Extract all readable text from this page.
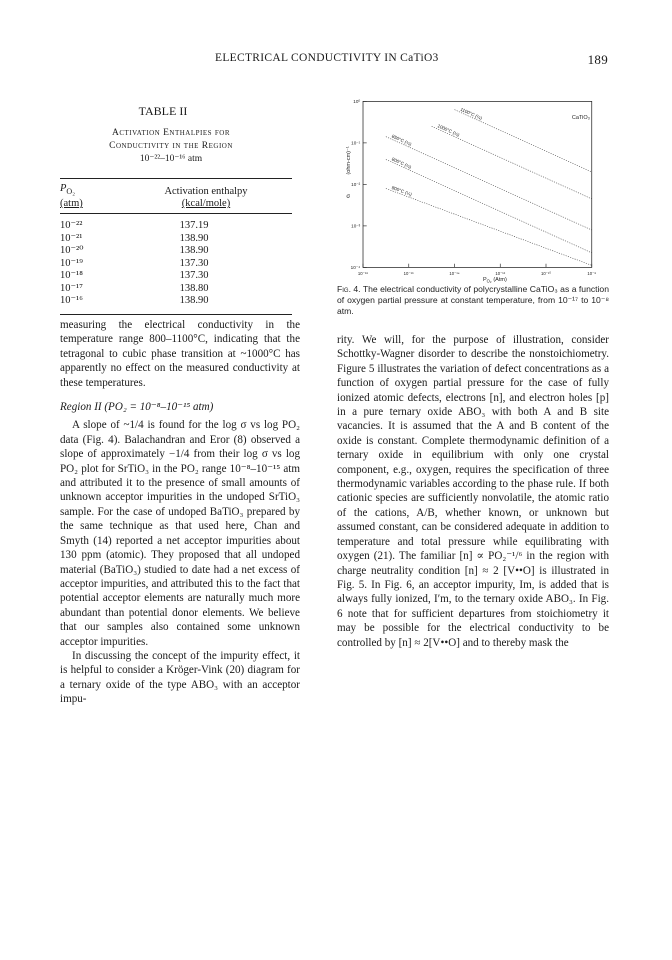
ELECTRICAL CONDUCTIVITY IN CaTiO3	189
TABLE II
Activation Enthalpies for
Conductivity in the Region
10⁻²²–10⁻¹⁶ atm
$P_{O_2}$
(atm)	Activation enthalpy
(kcal/mole)
10⁻²²	137.19
10⁻²¹	138.90
10⁻²⁰	138.90
10⁻¹⁹	137.30
10⁻¹⁸	137.30
10⁻¹⁷	138.80
10⁻¹⁶	138.90
10⁰
10⁻¹
10⁻²
10⁻³
10⁻⁴
10⁻¹⁸	10⁻¹⁶	10⁻¹⁴	10⁻¹²	10⁻¹⁰	10⁻⁸
1100°C (¼)
1000°C (¼)
850°C (¼)
800°C (¼)
800°C (¼)
CaTiO₃
(ohm-cm)⁻¹
σ
$P_{O_2}$ (Atm)
Fig. 4. The electrical conductivity of polycrystalline CaTiO₃ as a function of oxygen partial pressure at constant temperature, from 10⁻¹⁷ to 10⁻⁸ atm.

measuring the electrical conductivity in the temperature range 800–1100°C, indicating that the tetragonal to cubic phase transition at ~1000°C has apparently no effect on the measured conductivity at these temperatures.

Region II (PO₂ = 10⁻⁸–10⁻¹⁵ atm)

A slope of ~1/4 is found for the log σ vs log PO₂ data (Fig. 4). Balachandran and Eror (8) observed a slope of approximately −1/4 from their log σ vs log PO₂ plot for SrTiO₃ in the PO₂ range 10⁻⁸–10⁻¹⁵ atm and attributed it to the presence of small amounts of unknown acceptor impurities in the undoped SrTiO₃ sample. For the case of undoped BaTiO₃ prepared by the same technique as that used here, Chan and Smyth (14) reported a net acceptor impurities about 130 ppm (atomic). They proposed that all undoped material (BaTiO₃) studied to date had a net excess of acceptor impurities, and attributed this to the fact that potential acceptor elements are naturally much more abundant than potential donor elements. We believe that our samples also contained some unknown acceptor impurities.

In discussing the concept of the impurity effect, it is helpful to consider a Kröger-Vink (20) diagram for a ternary oxide of the type ABO₃ with an acceptor impu-

rity. We will, for the purpose of illustration, consider Schottky-Wagner disorder to describe the nonstoichiometry. Figure 5 illustrates the variation of defect concentrations as a function of oxygen partial pressure for the case of fully ionized atomic defects, electrons [n], and electron holes [p] in a pure ternary oxide ABO₃ with both A and B site vacancies. It is assumed that the A and B content of the oxide is constant. Complete thermodynamic definition of a ternary oxide in equilibrium with only one crystal component, e.g., oxygen, requires the specification of three thermodynamic variables according to the phase rule. If both cationic species are sufficiently nonvolatile, the atomic ratio of the cations, A/B, whether known, or unknown but assumed constant, can be considered adequate in addition to temperature and total pressure while equilibrating with oxygen (21). The familiar [n] ∝ PO₂⁻¹/⁶ in the region with charge neutrality condition [n] ≈ 2 [V••O] is illustrated in Fig. 5. In Fig. 6, an acceptor impurity, Im, is added that is always fully ionized, I′m, to the ternary oxide ABO₃. In Fig. 6 note that for sufficient departures from stoichiometry it may be possible for the electrical conductivity to be controlled by [n] ≈ 2[V••O] and to thereby mask the
